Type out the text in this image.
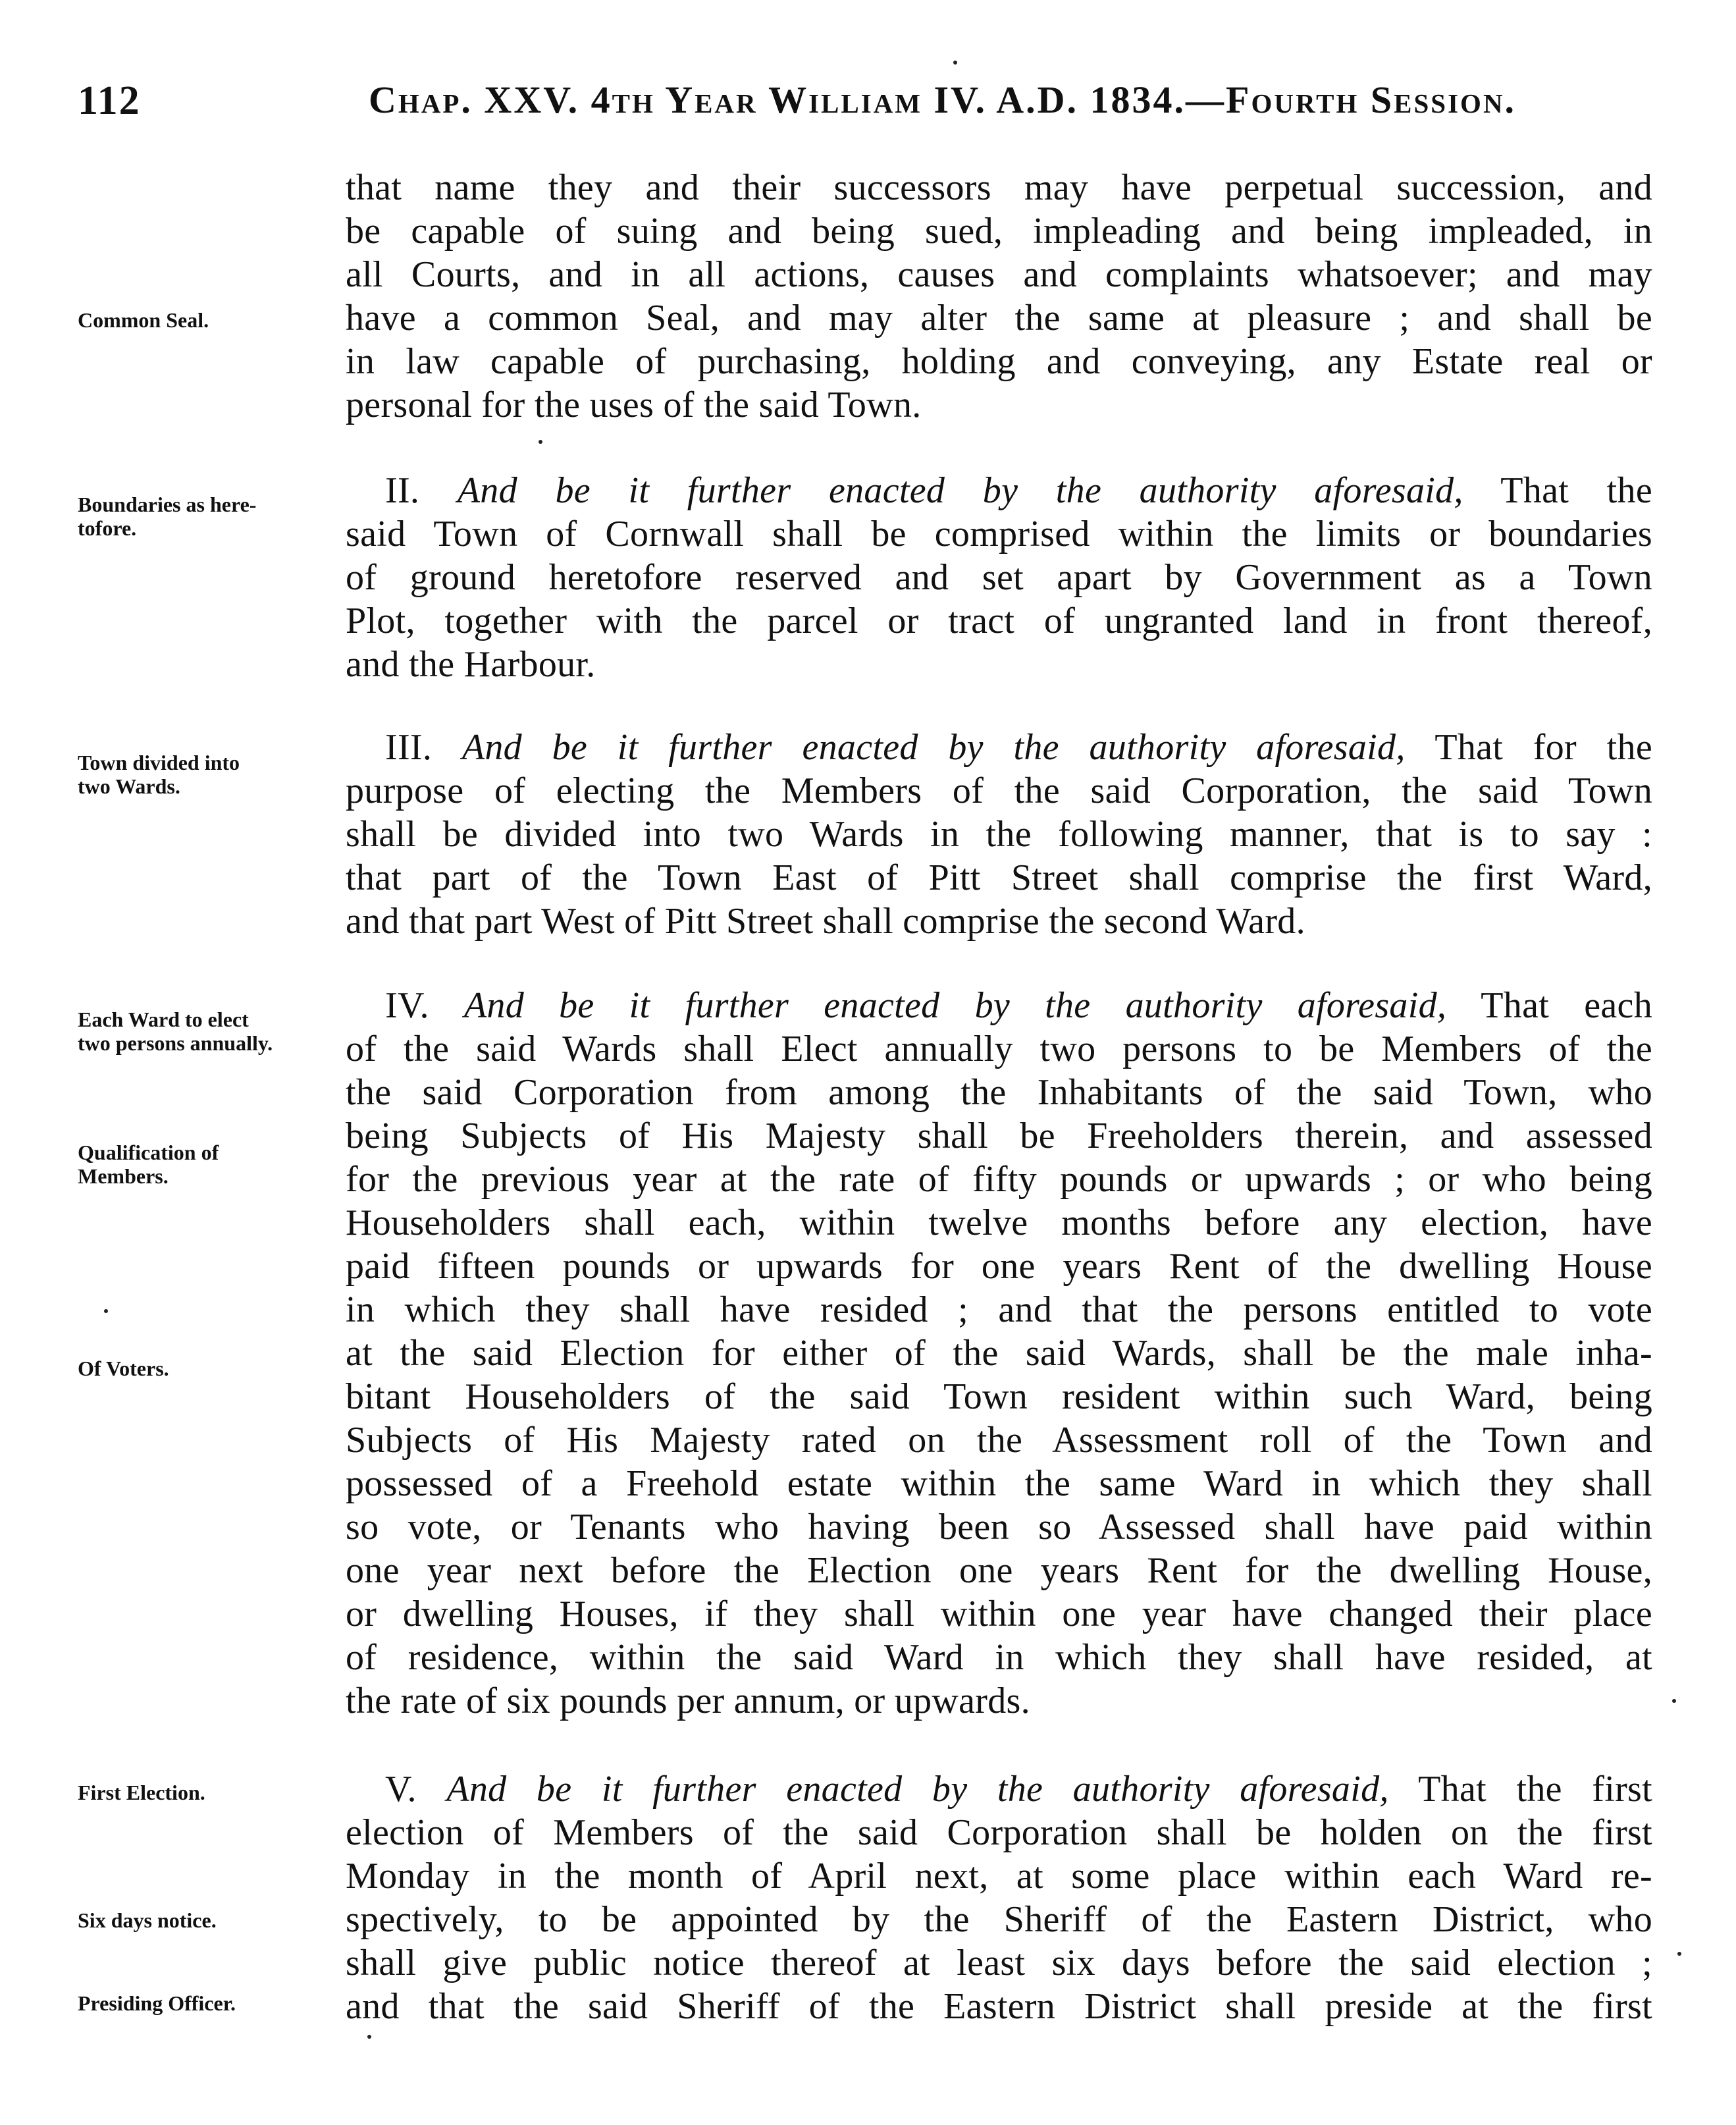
112	Chap. XXV. 4th Year William IV. A.D. 1834.—Fourth Session.
that name they and their successors may have perpetual succession, and
be capable of suing and being sued, impleading and being impleaded, in
all Courts, and in all actions, causes and complaints whatsoever; and may
have a common Seal, and may alter the same at pleasure ; and shall be
in law capable of purchasing, holding and conveying, any Estate real or
personal for the uses of the said Town.
Common Seal.
II. And be it further enacted by the authority aforesaid, That the
said Town of Cornwall shall be comprised within the limits or boundaries
of ground heretofore reserved and set apart by Government as a Town
Plot, together with the parcel or tract of ungranted land in front thereof,
and the Harbour.
Boundaries as here-
tofore.
III. And be it further enacted by the authority aforesaid, That for the
purpose of electing the Members of the said Corporation, the said Town
shall be divided into two Wards in the following manner, that is to say :
that part of the Town East of Pitt Street shall comprise the first Ward,
and that part West of Pitt Street shall comprise the second Ward.
Town divided into
two Wards.
IV. And be it further enacted by the authority aforesaid, That each
of the said Wards shall Elect annually two persons to be Members of the
the said Corporation from among the Inhabitants of the said Town, who
being Subjects of His Majesty shall be Freeholders therein, and assessed
for the previous year at the rate of fifty pounds or upwards ; or who being
Householders shall each, within twelve months before any election, have
paid fifteen pounds or upwards for one years Rent of the dwelling House
in which they shall have resided ; and that the persons entitled to vote
at the said Election for either of the said Wards, shall be the male inha-
bitant Householders of the said Town resident within such Ward, being
Subjects of His Majesty rated on the Assessment roll of the Town and
possessed of a Freehold estate within the same Ward in which they shall
so vote, or Tenants who having been so Assessed shall have paid within
one year next before the Election one years Rent for the dwelling House,
or dwelling Houses, if they shall within one year have changed their place
of residence, within the said Ward in which they shall have resided, at
the rate of six pounds per annum, or upwards.
Each Ward to elect
two persons annually.
Qualification of
Members.
Of Voters.
V. And be it further enacted by the authority aforesaid, That the first
election of Members of the said Corporation shall be holden on the first
Monday in the month of April next, at some place within each Ward re-
spectively, to be appointed by the Sheriff of the Eastern District, who
shall give public notice thereof at least six days before the said election ;
and that the said Sheriff of the Eastern District shall preside at the first
First Election.
Six days notice.
Presiding Officer.
